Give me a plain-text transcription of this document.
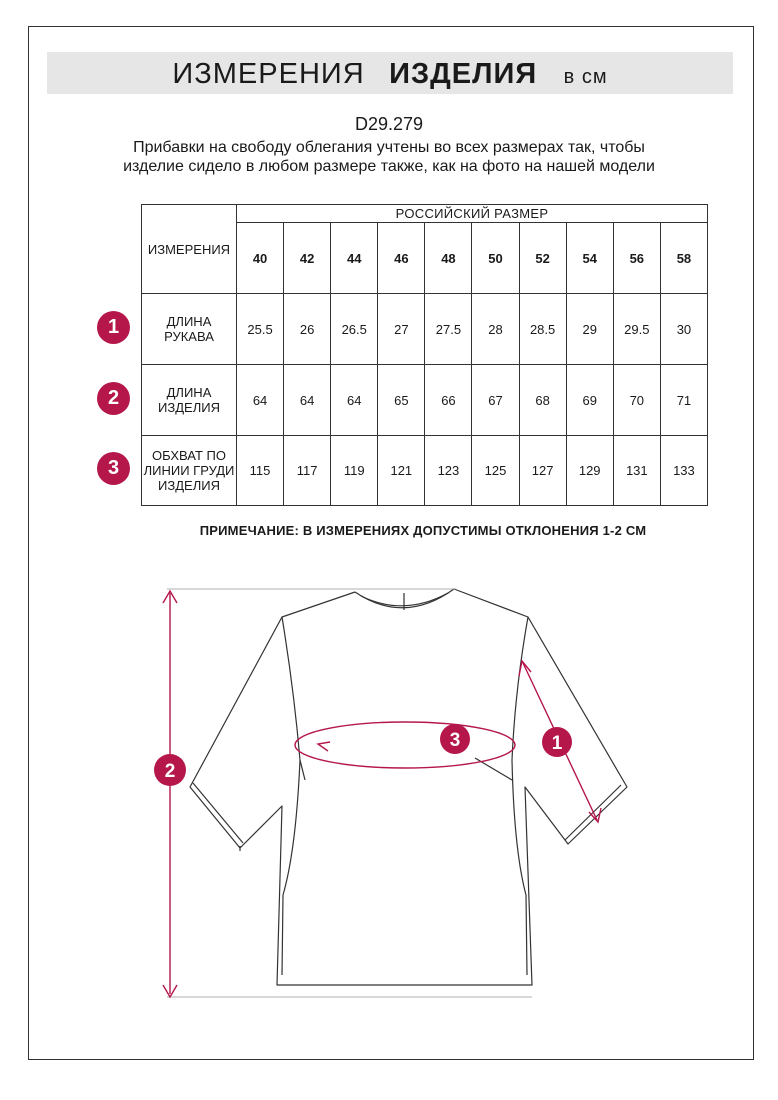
ИЗМЕРЕНИЯ ИЗДЕЛИЯ в см
D29.279
Прибавки на свободу облегания учтены во всех размерах так, чтобы изделие сидело в любом размере также, как на фото на нашей модели
ИЗМЕРЕНИЯ	РОССИЙСКИЙ РАЗМЕР									
	40	42	44	46	48	50	52	54	56	58
ДЛИНА РУКАВА	25.5	26	26.5	27	27.5	28	28.5	29	29.5	30
ДЛИНА ИЗДЕЛИЯ	64	64	64	65	66	67	68	69	70	71
ОБХВАТ ПО ЛИНИИ ГРУДИ ИЗДЕЛИЯ	115	117	119	121	123	125	127	129	131	133
1
2
3
ПРИМЕЧАНИЕ: В ИЗМЕРЕНИЯХ ДОПУСТИМЫ ОТКЛОНЕНИЯ 1-2 СМ
2
3	1
